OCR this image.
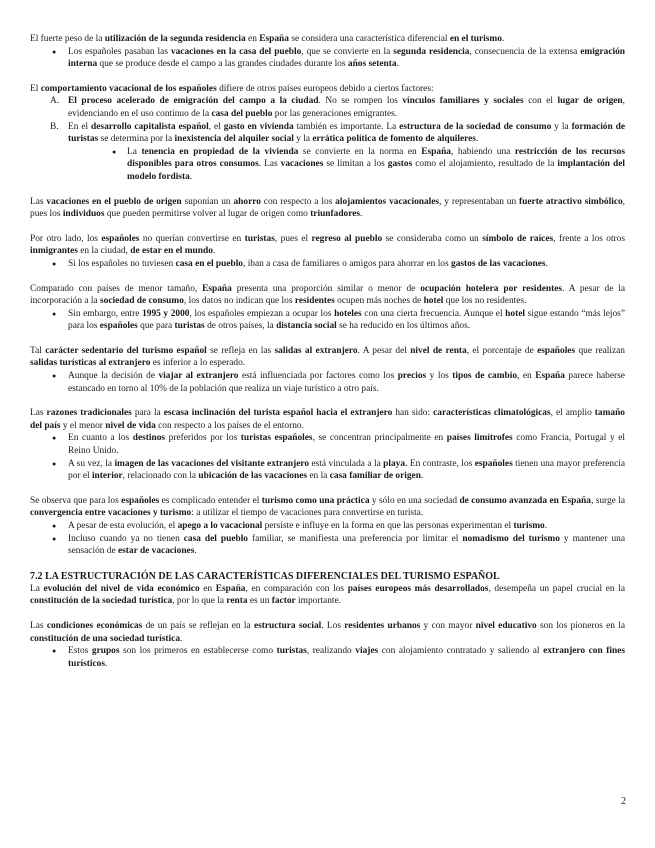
El fuerte peso de la utilización de la segunda residencia en España se considera una característica diferencial en el turismo.

● Los españoles pasaban las vacaciones en la casa del pueblo, que se convierte en la segunda residencia, consecuencia de la extensa emigración interna que se produce desde el campo a las grandes ciudades durante los años setenta.

El comportamiento vacacional de los españoles difiere de otros países europeos debido a ciertos factores:

A. El proceso acelerado de emigración del campo a la ciudad. No se rompen los vínculos familiares y sociales con el lugar de origen, evidenciando en el uso continuo de la casa del pueblo por las generaciones emigrantes.
B. En el desarrollo capitalista español, el gasto en vivienda también es importante. La estructura de la sociedad de consumo y la formación de turistas se determina por la inexistencia del alquiler social y la errática política de fomento de alquileres.
● La tenencia en propiedad de la vivienda se convierte en la norma en España, habiendo una restricción de los recursos disponibles para otros consumos. Las vacaciones se limitan a los gastos como el alojamiento, resultado de la implantación del modelo fordista.

Las vacaciones en el pueblo de origen suponían un ahorro con respecto a los alojamientos vacacionales, y representaban un fuerte atractivo simbólico, pues los individuos que pueden permitirse volver al lugar de origen como triunfadores.

Por otro lado, los españoles no querían convertirse en turistas, pues el regreso al pueblo se consideraba como un símbolo de raíces, frente a los otros inmigrantes en la ciudad, de estar en el mundo.

● Si los españoles no tuviesen casa en el pueblo, iban a casa de familiares o amigos para ahorrar en los gastos de las vacaciones.

Comparado con países de menor tamaño, España presenta una proporción similar o menor de ocupación hotelera por residentes. A pesar de la incorporación a la sociedad de consumo, los datos no indican que los residentes ocupen más noches de hotel que los no residentes.

● Sin embargo, entre 1995 y 2000, los españoles empiezan a ocupar los hoteles con una cierta frecuencia. Aunque el hotel sigue estando “más lejos” para los españoles que para turistas de otros países, la distancia social se ha reducido en los últimos años.

Tal carácter sedentario del turismo español se refleja en las salidas al extranjero. A pesar del nivel de renta, el porcentaje de españoles que realizan salidas turísticas al extranjero es inferior a lo esperado.

● Aunque la decisión de viajar al extranjero está influenciada por factores como los precios y los tipos de cambio, en España parece haberse estancado en torno al 10% de la población que realiza un viaje turístico a otro país.

Las razones tradicionales para la escasa inclinación del turista español hacia el extranjero han sido: características climatológicas, el amplio tamaño del país y el menor nivel de vida con respecto a los países de el entorno.

● En cuanto a los destinos preferidos por los turistas españoles, se concentran principalmente en países limítrofes como Francia, Portugal y el Reino Unido.
● A su vez, la imagen de las vacaciones del visitante extranjero está vinculada a la playa. En contraste, los españoles tienen una mayor preferencia por el interior, relacionado con la ubicación de las vacaciones en la casa familiar de origen.

Se observa que para los españoles es complicado entender el turismo como una práctica y sólo en una sociedad de consumo avanzada en España, surge la convergencia entre vacaciones y turismo: a utilizar el tiempo de vacaciones para convertirse en turista.

● A pesar de esta evolución, el apego a lo vacacional persiste e influye en la forma en que las personas experimentan el turismo.
● Incluso cuando ya no tienen casa del pueblo familiar, se manifiesta una preferencia por limitar el nomadismo del turismo y mantener una sensación de estar de vacaciones.
7.2 LA ESTRUCTURACIÓN DE LAS CARACTERÍSTICAS DIFERENCIALES DEL TURISMO ESPAÑOL

La evolución del nivel de vida económico en España, en comparación con los países europeos más desarrollados, desempeña un papel crucial en la constitución de la sociedad turística, por lo que la renta es un factor importante.

Las condiciones económicas de un país se reflejan en la estructura social. Los residentes urbanos y con mayor nivel educativo son los pioneros en la constitución de una sociedad turística.

● Estos grupos son los primeros en establecerse como turistas, realizando viajes con alojamiento contratado y saliendo al extranjero con fines turísticos.
2
